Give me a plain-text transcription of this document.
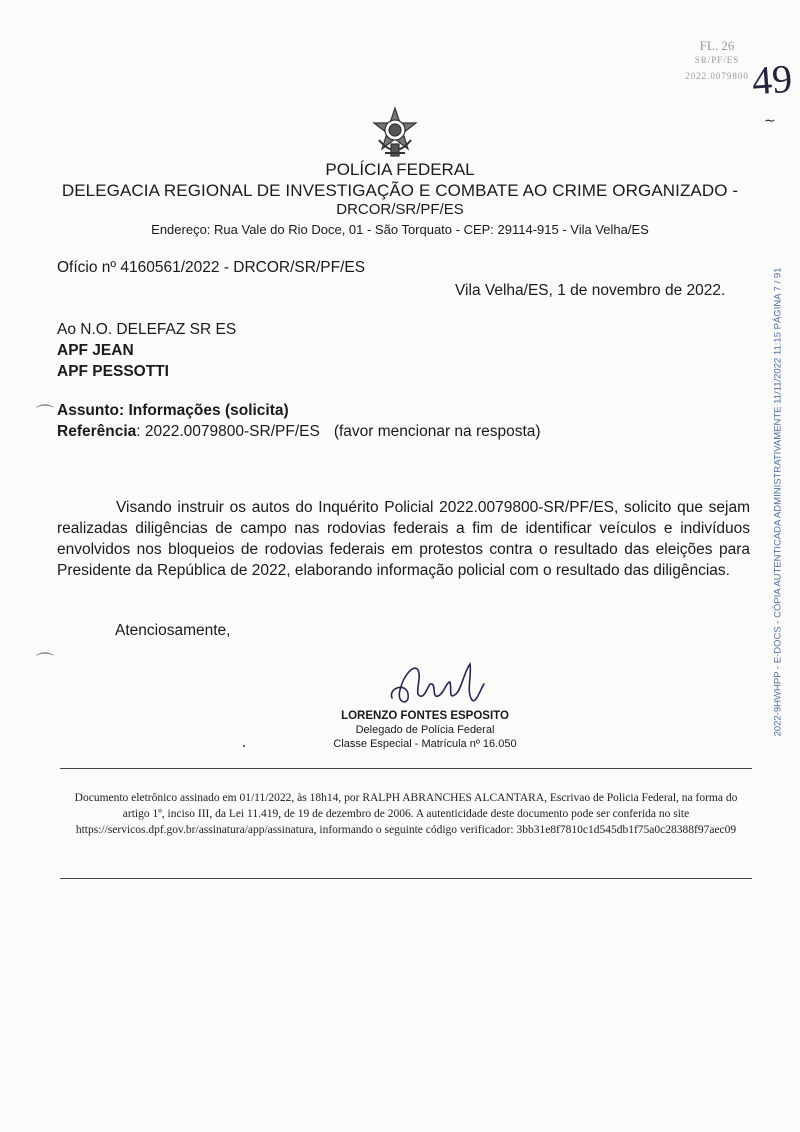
FL. 26
SR/PF/ES
2022.0079800 49
∼
POLÍCIA FEDERAL
DELEGACIA REGIONAL DE INVESTIGAÇÃO E COMBATE AO CRIME ORGANIZADO -
DRCOR/SR/PF/ES
Endereço: Rua Vale do Rio Doce, 01 - São Torquato - CEP: 29114-915 - Vila Velha/ES
Ofício nº 4160561/2022 - DRCOR/SR/PF/ES
Vila Velha/ES, 1 de novembro de 2022.
Ao N.O. DELEFAZ SR ES
APF JEAN
APF PESSOTTI
⌒ Assunto: Informações (solicita)
Referência: 2022.0079800-SR/PF/ES (favor mencionar na resposta)
Visando instruir os autos do Inquérito Policial 2022.0079800-SR/PF/ES, solicito que sejam realizadas diligências de campo nas rodovias federais a fim de identificar veículos e indivíduos envolvidos nos bloqueios de rodovias federais em protestos contra o resultado das eleições para Presidente da República de 2022, elaborando informação policial com o resultado das diligências.
Atenciosamente,
⌒
LORENZO FONTES ESPOSITO
Delegado de Polícia Federal
Classe Especial - Matrícula nº 16.050
Documento eletrônico assinado em 01/11/2022, às 18h14, por RALPH ABRANCHES ALCANTARA, Escrivao de Policia Federal, na forma do artigo 1º, inciso III, da Lei 11.419, de 19 de dezembro de 2006. A autenticidade deste documento pode ser conferida no site https://servicos.dpf.gov.br/assinatura/app/assinatura, informando o seguinte código verificador: 3bb31e8f7810c1d545db1f75a0c28388f97aec09
2022-9HWHPP - E-DOCS - CÓPIA AUTENTICADA ADMINISTRATIVAMENTE 11/11/2022 11:15 PÁGINA 7 / 91
